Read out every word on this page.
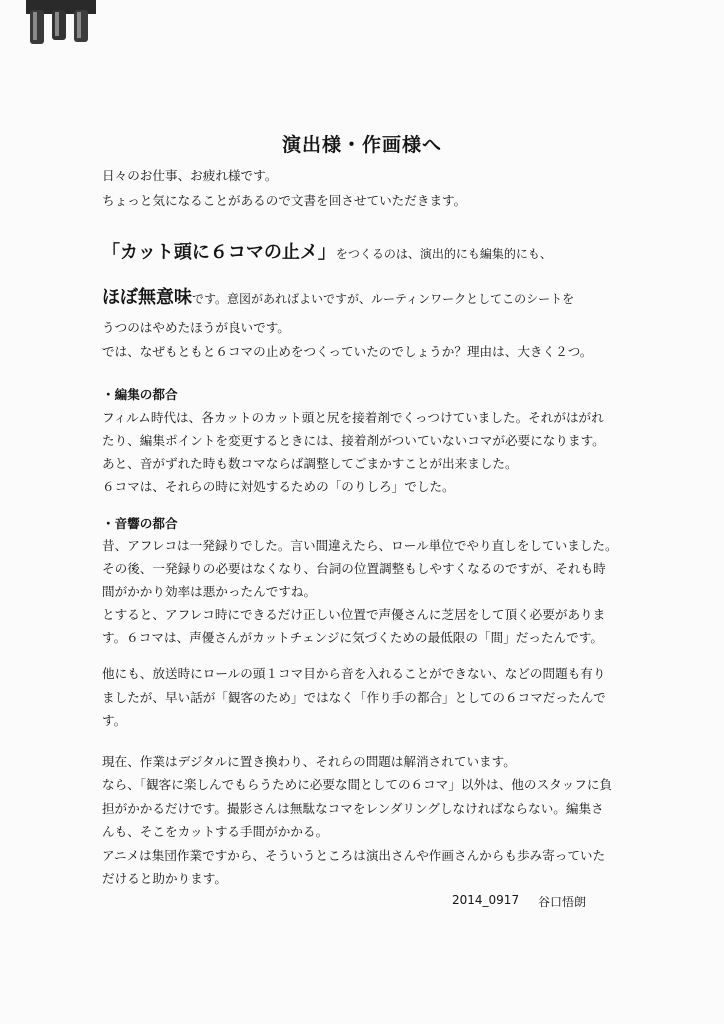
演出様・作画様へ
日々のお仕事、お疲れ様です。
ちょっと気になることがあるので文書を回させていただきます。
「カット頭に６コマの止メ」をつくるのは、演出的にも編集的にも、
ほぼ無意味です。意図があればよいですが、ルーティンワークとしてこのシートを
うつのはやめたほうが良いです。
では、なぜもともと６コマの止めをつくっていたのでしょうか？理由は、大きく２つ。
・編集の都合
フィルム時代は、各カットのカット頭と尻を接着剤でくっつけていました。それがはがれ
たり、編集ポイントを変更するときには、接着剤がついていないコマが必要になります。
あと、音がずれた時も数コマならば調整してごまかすことが出来ました。
６コマは、それらの時に対処するための「のりしろ」でした。
・音響の都合
昔、アフレコは一発録りでした。言い間違えたら、ロール単位でやり直しをしていました。
その後、一発録りの必要はなくなり、台詞の位置調整もしやすくなるのですが、それも時
間がかかり効率は悪かったんですね。
とすると、アフレコ時にできるだけ正しい位置で声優さんに芝居をして頂く必要がありま
す。６コマは、声優さんがカットチェンジに気づくための最低限の「間」だったんです。
他にも、放送時にロールの頭１コマ目から音を入れることができない、などの問題も有り
ましたが、早い話が「観客のため」ではなく「作り手の都合」としての６コマだったんで
す。
現在、作業はデジタルに置き換わり、それらの問題は解消されています。
なら、「観客に楽しんでもらうために必要な間としての６コマ」以外は、他のスタッフに負
担がかかるだけです。撮影さんは無駄なコマをレンダリングしなければならない。編集さ
んも、そこをカットする手間がかかる。
アニメは集団作業ですから、そういうところは演出さんや作画さんからも歩み寄っていた
だけると助かります。
2014_0917 谷口悟朗
